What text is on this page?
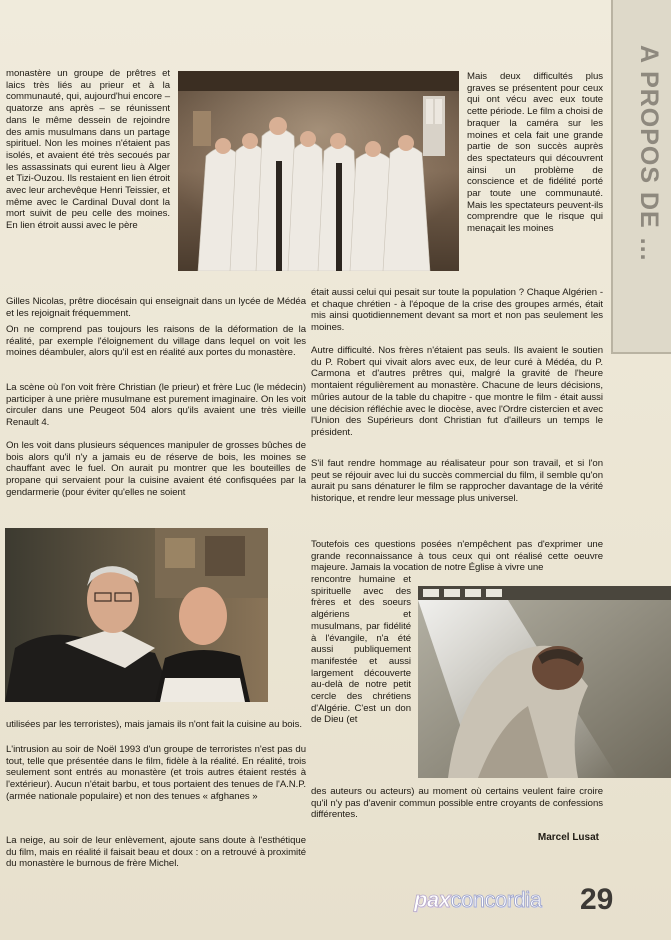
A PROPOS DE …

monastère un groupe de prêtres et laics très liés au prieur et à la communauté, qui, aujourd'hui encore – quatorze ans après – se réunissent dans le même dessein de rejoindre des amis musulmans dans un partage spirituel. Non les moines n'étaient pas isolés, et avaient été très secoués par les assassinats qui eurent lieu à Alger et Tizi-Ouzou. Ils restaient en lien étroit avec leur archevêque Henri Teissier, et même avec le Cardinal Duval dont la mort suivit de peu celle des moines. En lien étroit aussi avec le père

Gilles Nicolas, prêtre diocésain qui enseignait dans un lycée de Médéa et les rejoignait fréquemment.

On ne comprend pas toujours les raisons de la déformation de la réalité, par exemple l'éloignement du village dans lequel on voit les moines déambuler, alors qu'il est en réalité aux portes du monastère.

La scène où l'on voit frère Christian (le prieur) et frère Luc (le médecin) participer à une prière musulmane est purement imaginaire. On les voit circuler dans une Peugeot 504 alors qu'ils avaient une très vieille Renault 4.

On les voit dans plusieurs séquences manipuler de grosses bûches de bois alors qu'il n'y a jamais eu de réserve de bois, les moines se chauffant avec le fuel. On aurait pu montrer que les bouteilles de propane qui servaient pour la cuisine avaient été confisquées par la gendarmerie (pour éviter qu'elles ne soient

utilisées par les terroristes), mais jamais ils n'ont fait la cuisine au bois.

L'intrusion au soir de Noël 1993 d'un groupe de terroristes n'est pas du tout, telle que présentée dans le film, fidèle à la réalité. En réalité, trois seulement sont entrés au monastère (et trois autres étaient restés à l'extérieur). Aucun n'était barbu, et tous portaient des tenues de l'A.N.P. (armée nationale populaire) et non des tenues « afghanes »

La neige, au soir de leur enlèvement, ajoute sans doute à l'esthétique du film, mais en réalité il faisait beau et doux : on a retrouvé à proximité du monastère le burnous de frère Michel.

Mais deux difficultés plus graves se présentent pour ceux qui ont vécu avec eux toute cette période. Le film a choisi de braquer la caméra sur les moines et cela fait une grande partie de son succès auprès des spectateurs qui découvrent ainsi un problème de conscience et de fidélité porté par toute une communauté. Mais les spectateurs peuvent-ils comprendre que le risque qui menaçait les moines

était aussi celui qui pesait sur toute la population ? Chaque Algérien - et chaque chrétien - à l'époque de la crise des groupes armés, était mis ainsi quotidiennement devant sa mort et non pas seulement les moines.

Autre difficulté. Nos frères n'étaient pas seuls. Ils avaient le soutien du P. Robert qui vivait alors avec eux, de leur curé à Médéa, du P. Carmona et d'autres prêtres qui, malgré la gravité de l'heure montaient régulièrement au monastère. Chacune de leurs décisions, mûries autour de la table du chapitre - que montre le film - était aussi une décision réfléchie avec le diocèse, avec l'Ordre cistercien et avec l'Union des Supérieurs dont Christian fut d'ailleurs un temps le président.

S'il faut rendre hommage au réalisateur pour son travail, et si l'on peut se réjouir avec lui du succès commercial du film, il semble qu'on aurait pu sans dénaturer le film se rapprocher davantage de la vérité historique, et rendre leur message plus universel.

Toutefois ces questions posées n'empêchent pas d'exprimer une grande reconnaissance à tous ceux qui ont réalisé cette oeuvre majeure. Jamais la vocation de notre Église à vivre une

rencontre humaine et spirituelle avec des frères et des soeurs algériens et musulmans, par fidélité à l'évangile, n'a été aussi publiquement manifestée et aussi largement découverte au-delà de notre petit cercle des chrétiens d'Algérie. C'est un don de Dieu (et

des auteurs ou acteurs) au moment où certains veulent faire croire qu'il n'y pas d'avenir commun possible entre croyants de confessions différentes.

Marcel Lusat
paxconcordia 29
